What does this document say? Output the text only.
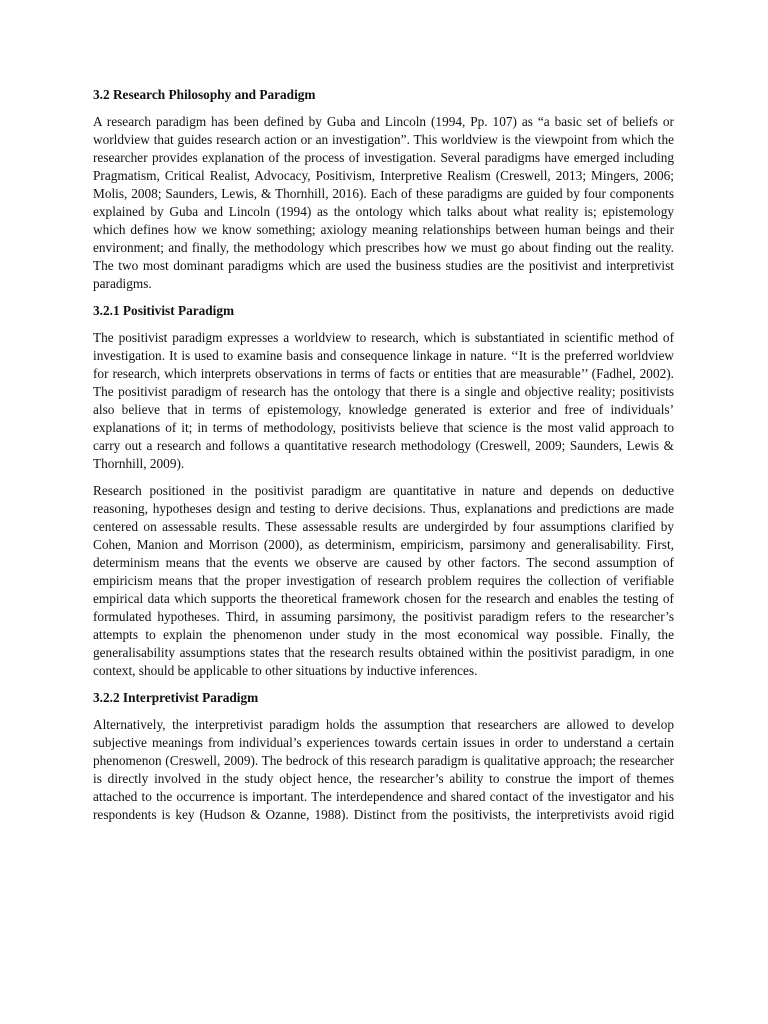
3.2 Research Philosophy and Paradigm

A research paradigm has been defined by Guba and Lincoln (1994, Pp. 107) as “a basic set of beliefs or worldview that guides research action or an investigation”. This worldview is the viewpoint from which the researcher provides explanation of the process of investigation. Several paradigms have emerged including Pragmatism, Critical Realist, Advocacy, Positivism, Interpretive Realism (Creswell, 2013; Mingers, 2006; Molis, 2008; Saunders, Lewis, & Thornhill, 2016). Each of these paradigms are guided by four components explained by Guba and Lincoln (1994) as the ontology which talks about what reality is; epistemology which defines how we know something; axiology meaning relationships between human beings and their environment; and finally, the methodology which prescribes how we must go about finding out the reality. The two most dominant paradigms which are used the business studies are the positivist and interpretivist paradigms.

3.2.1 Positivist Paradigm

The positivist paradigm expresses a worldview to research, which is substantiated in scientific method of investigation. It is used to examine basis and consequence linkage in nature. ‘‘It is the preferred worldview for research, which interprets observations in terms of facts or entities that are measurable’’ (Fadhel, 2002). The positivist paradigm of research has the ontology that there is a single and objective reality; positivists also believe that in terms of epistemology, knowledge generated is exterior and free of individuals’ explanations of it; in terms of methodology, positivists believe that science is the most valid approach to carry out a research and follows a quantitative research methodology (Creswell, 2009; Saunders, Lewis & Thornhill, 2009).

Research positioned in the positivist paradigm are quantitative in nature and depends on deductive reasoning, hypotheses design and testing to derive decisions. Thus, explanations and predictions are made centered on assessable results. These assessable results are undergirded by four assumptions clarified by Cohen, Manion and Morrison (2000), as determinism, empiricism, parsimony and generalisability. First, determinism means that the events we observe are caused by other factors. The second assumption of empiricism means that the proper investigation of research problem requires the collection of verifiable empirical data which supports the theoretical framework chosen for the research and enables the testing of formulated hypotheses. Third, in assuming parsimony, the positivist paradigm refers to the researcher’s attempts to explain the phenomenon under study in the most economical way possible. Finally, the generalisability assumptions states that the research results obtained within the positivist paradigm, in one context, should be applicable to other situations by inductive inferences.

3.2.2 Interpretivist Paradigm

Alternatively, the interpretivist paradigm holds the assumption that researchers are allowed to develop subjective meanings from individual’s experiences towards certain issues in order to understand a certain phenomenon (Creswell, 2009). The bedrock of this research paradigm is qualitative approach; the researcher is directly involved in the study object hence, the researcher’s ability to construe the import of themes attached to the occurrence is important. The interdependence and shared contact of the investigator and his respondents is key (Hudson & Ozanne, 1988). Distinct from the positivists, the interpretivists avoid rigid
